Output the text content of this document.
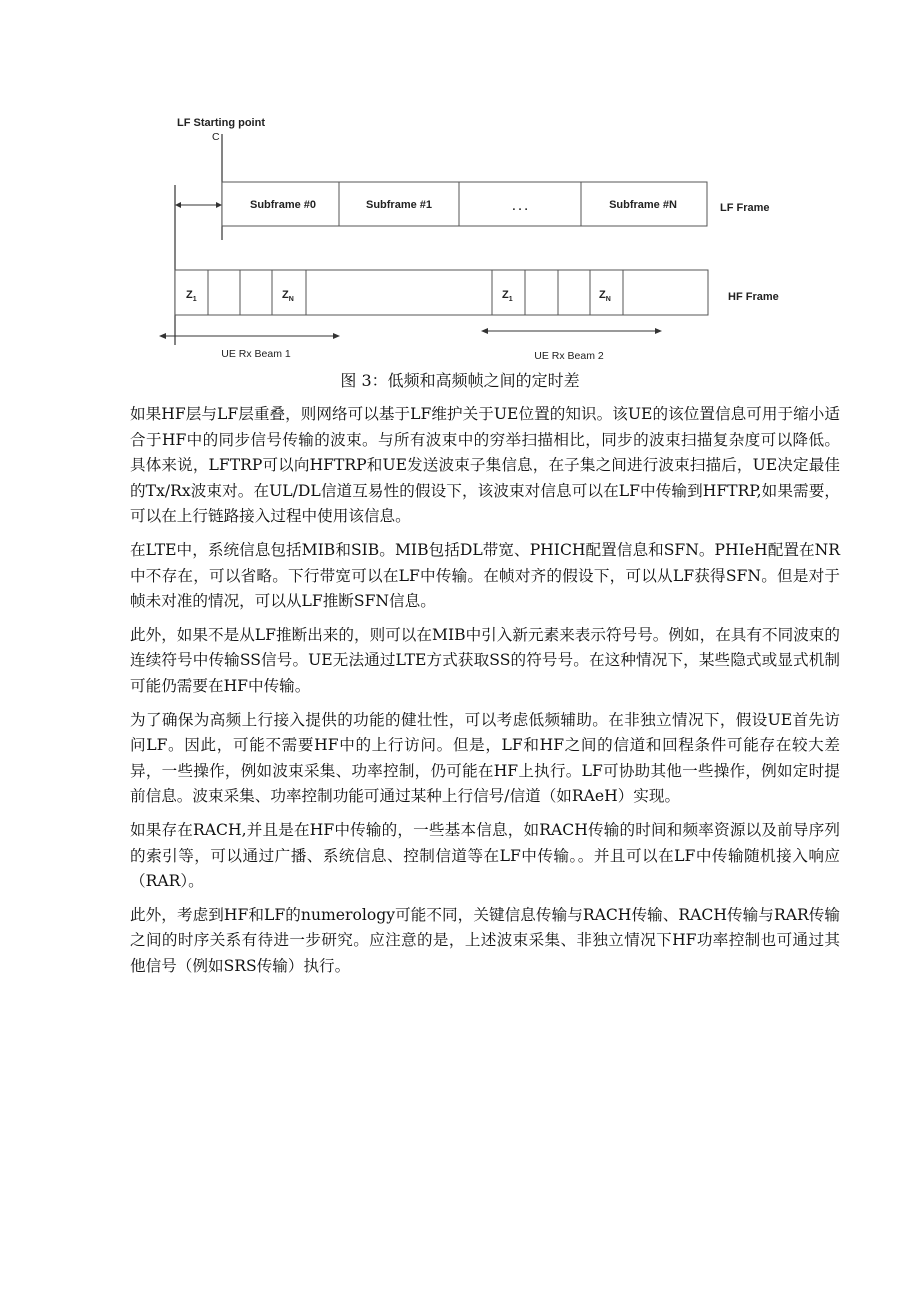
LF Starting point
C
Subframe #0	Subframe #1	. . .	Subframe #N	LF Frame
$Z_1$	$Z_N$	$Z_1$	$Z_N$	HF Frame
UE Rx Beam 1	UE Rx Beam 2
图 3：低频和高频帧之间的定时差

如果HF层与LF层重叠，则网络可以基于LF维护关于UE位置的知识。该UE的该位置信息可用于缩小适合于HF中的同步信号传输的波束。与所有波束中的穷举扫描相比，同步的波束扫描复杂度可以降低。具体来说，LFTRP可以向HFTRP和UE发送波束子集信息，在子集之间进行波束扫描后，UE决定最佳的Tx/Rx波束对。在UL/DL信道互易性的假设下，该波束对信息可以在LF中传输到HFTRP,如果需要，可以在上行链路接入过程中使用该信息。

在LTE中，系统信息包括MIB和SIB。MIB包括DL带宽、PHICH配置信息和SFN。PHIeH配置在NR中不存在，可以省略。下行带宽可以在LF中传输。在帧对齐的假设下，可以从LF获得SFN。但是对于帧未对准的情况，可以从LF推断SFN信息。

此外，如果不是从LF推断出来的，则可以在MIB中引入新元素来表示符号号。例如，在具有不同波束的连续符号中传输SS信号。UE无法通过LTE方式获取SS的符号号。在这种情况下，某些隐式或显式机制可能仍需要在HF中传输。

为了确保为高频上行接入提供的功能的健壮性，可以考虑低频辅助。在非独立情况下，假设UE首先访问LF。因此，可能不需要HF中的上行访问。但是，LF和HF之间的信道和回程条件可能存在较大差异，一些操作，例如波束采集、功率控制，仍可能在HF上执行。LF可协助其他一些操作，例如定时提前信息。波束采集、功率控制功能可通过某种上行信号/信道（如RAeH）实现。

如果存在RACH,并且是在HF中传输的，一些基本信息，如RACH传输的时间和频率资源以及前导序列的索引等，可以通过广播、系统信息、控制信道等在LF中传输。。并且可以在LF中传输随机接入响应（RAR）。

此外，考虑到HF和LF的numerology可能不同，关键信息传输与RACH传输、RACH传输与RAR传输之间的时序关系有待进一步研究。应注意的是，上述波束采集、非独立情况下HF功率控制也可通过其他信号（例如SRS传输）执行。
